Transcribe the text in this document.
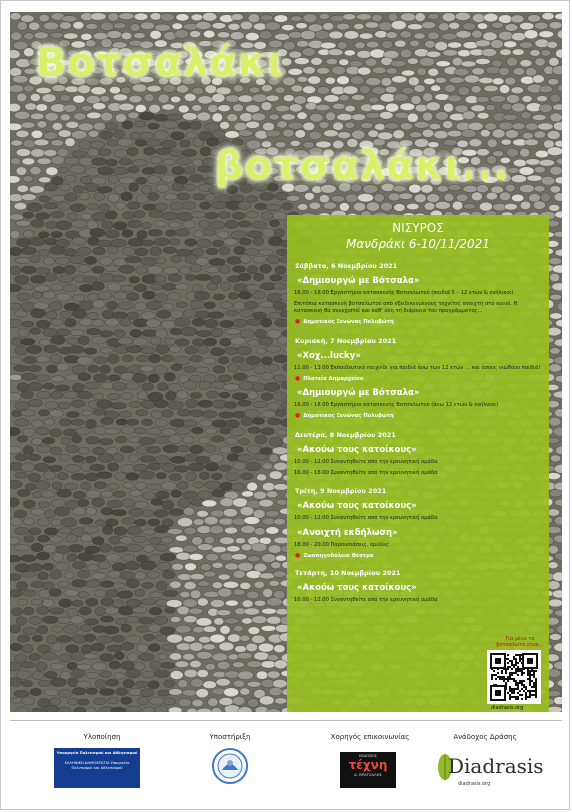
Βοτσαλάκι
βοτσαλάκι...
ΝΙΣΥΡΟΣ
Μανδράκι 6-10/11/2021
Σάββατο, 6 Νοεμβρίου 2021
«Δημιουργώ με Βότσαλα»
16.00 - 18.00 Εργαστήριο κατασκευής Βοτσαλωτού (παιδιά 5 – 12 ετών & ενήλικοι)
Επιτόπια κατασκευή βοτσαλωτού από εξειδικευμένους τεχνίτες ανοιχτή στο κοινό. Η κατασκευή θα συνεχιστεί και καθ' όλη τη διάρκεια του προγράμματος...
● Δημοτικός Ξενώνας Πολυβώτη
Κυριακή, 7 Νοεμβρίου 2021
«Χοχ...lucky»
11.00 - 13.00 Εκπαιδευτικό παιχνίδι για παιδιά άνω των 12 ετών ... και όσους νιώθουν παιδιά!
● Πλατεία Δημαρχείου
«Δημιουργώ με Βότσαλα»
16.00 - 18.00 Εργαστήριο κατασκευής Βοτσαλωτού (άνω 12 ετών & ενήλικοι)
● Δημοτικός Ξενώνας Πολυβώτη
Δευτέρα, 8 Νοεμβρίου 2021
«Ακούω τους κατοίκους»
10.00 - 12.00 Συναντηθείτε από την ερευνητική ομάδα
16.00 - 18.00 Συναντηθείτε από την ερευνητική ομάδα
Τρίτη, 9 Νοεμβρίου 2021
«Ακούω τους κατοίκους»
10.00 - 12.00 Συναντηθείτε από την ερευνητική ομάδα
«Ανοιχτή εκδήλωση»
18.00 - 20.00 Παρουσιάσεις, ομιλίες
● Ζωοπηγοδόλειο Θέατρο
Τετάρτη, 10 Νοεμβρίου 2021
«Ακούω τους κατοίκους»
10.00 - 12.00 Συναντηθείτε από την ερευνητική ομάδα
Για μένα το βοτσαλωτό είναι...
diadrasis.org
Υλοποίηση	Υποστήριξη	Χορηγός επικοινωνίας	Ανάδοχος Δράσης
Υπουργείο Πολιτισμού και Αθλητισμού
ΕΛΛΗΝΙΚΗ ΔΗΜΟΚΡΑΤΙΑ Υπουργείο Πολιτισμού και Αθλητισμού
ΕΚΔΟΣΕΙΣ
τέχνη
Δ. ΒΡΑΤΣΑΛΗΣ	Diadrasis
diadrasis.org
